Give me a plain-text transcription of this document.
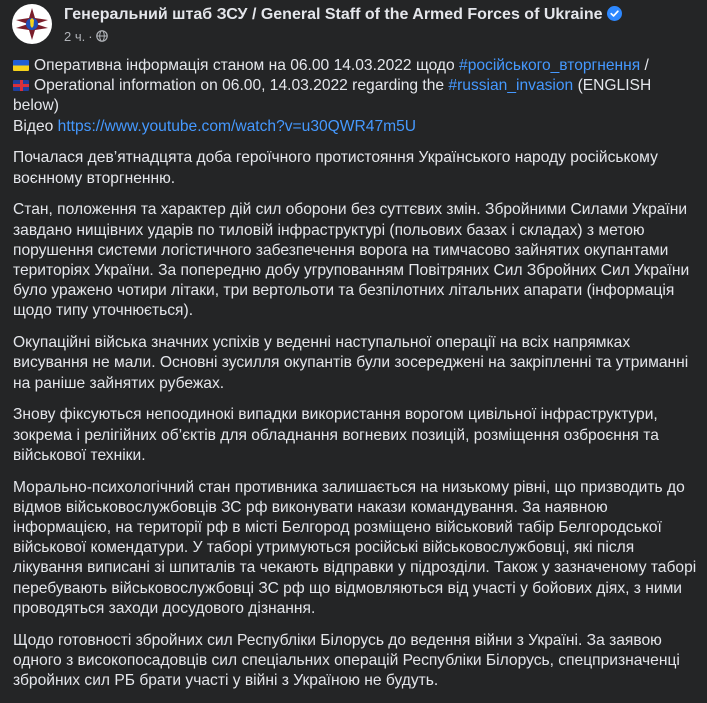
Генеральний штаб ЗСУ / General Staff of the Armed Forces of Ukraine
2 ч. ·

Оперативна інформація станом на 06.00 14.03.2022 щодо #російського_вторгнення /
Operational information on 06.00, 14.03.2022 regarding the #russian_invasion (ENGLISH below)
Відео https://www.youtube.com/watch?v=u30QWR47m5U

Почалася дев’ятнадцята доба героїчного протистояння Українського народу російському воєнному вторгненню.

Стан, положення та характер дій сил оборони без суттєвих змін. Збройними Силами України завдано нищівних ударів по тиловій інфраструктурі (польових базах і складах) з метою порушення системи логістичного забезпечення ворога на тимчасово зайнятих окупантами територіях України. За попередню добу угрупованням Повітряних Сил Збройних Сил України було уражено чотири літаки, три вертольоти та безпілотних літальних апарати (інформація щодо типу уточнюється).

Окупаційні війська значних успіхів у веденні наступальної операції на всіх напрямках висування не мали. Основні зусилля окупантів були зосереджені на закріпленні та утриманні на раніше зайнятих рубежах.

Знову фіксуються непоодинокі випадки використання ворогом цивільної інфраструктури, зокрема і релігійних об’єктів для обладнання вогневих позицій, розміщення озброєння та військової техніки.

Морально-психологічний стан противника залишається на низькому рівні, що призводить до відмов військовослужбовців ЗС рф виконувати накази командування. За наявною інформацією, на території рф в місті Белгород розміщено військовий табір Белгородської військової комендатури. У таборі утримуються російські військовослужбовці, які після лікування виписані зі шпиталів та чекають відправки у підрозділи. Також у зазначеному таборі перебувають військовослужбовці ЗС рф що відмовляються від участі у бойових діях, з ними проводяться заходи досудового дізнання.

Щодо готовності збройних сил Республіки Білорусь до ведення війни з Україні. За заявою одного з високопосадовців сил спеціальних операцій Республіки Білорусь, спецпризначенці збройних сил РБ брати участі у війні з Україною не будуть.
